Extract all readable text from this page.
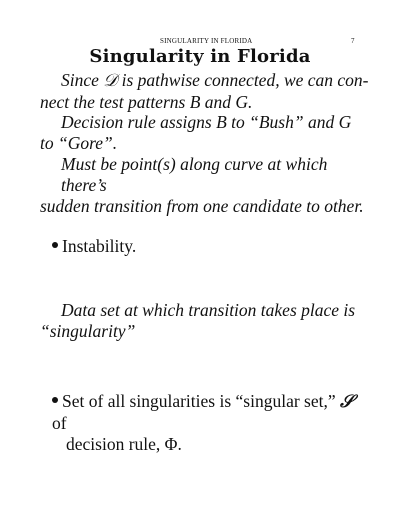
SINGULARITY IN FLORIDA	7
Singularity in Florida
Since 𝒟 is pathwise connected, we can con-
nect the test patterns B and G.
Decision rule assigns B to “Bush” and G
to “Gore”.
Must be point(s) along curve at which there’s
sudden transition from one candidate to other.
Instability.
Data set at which transition takes place is
“singularity”
Set of all singularities is “singular set,” 𝒮 of
decision rule, Φ.
